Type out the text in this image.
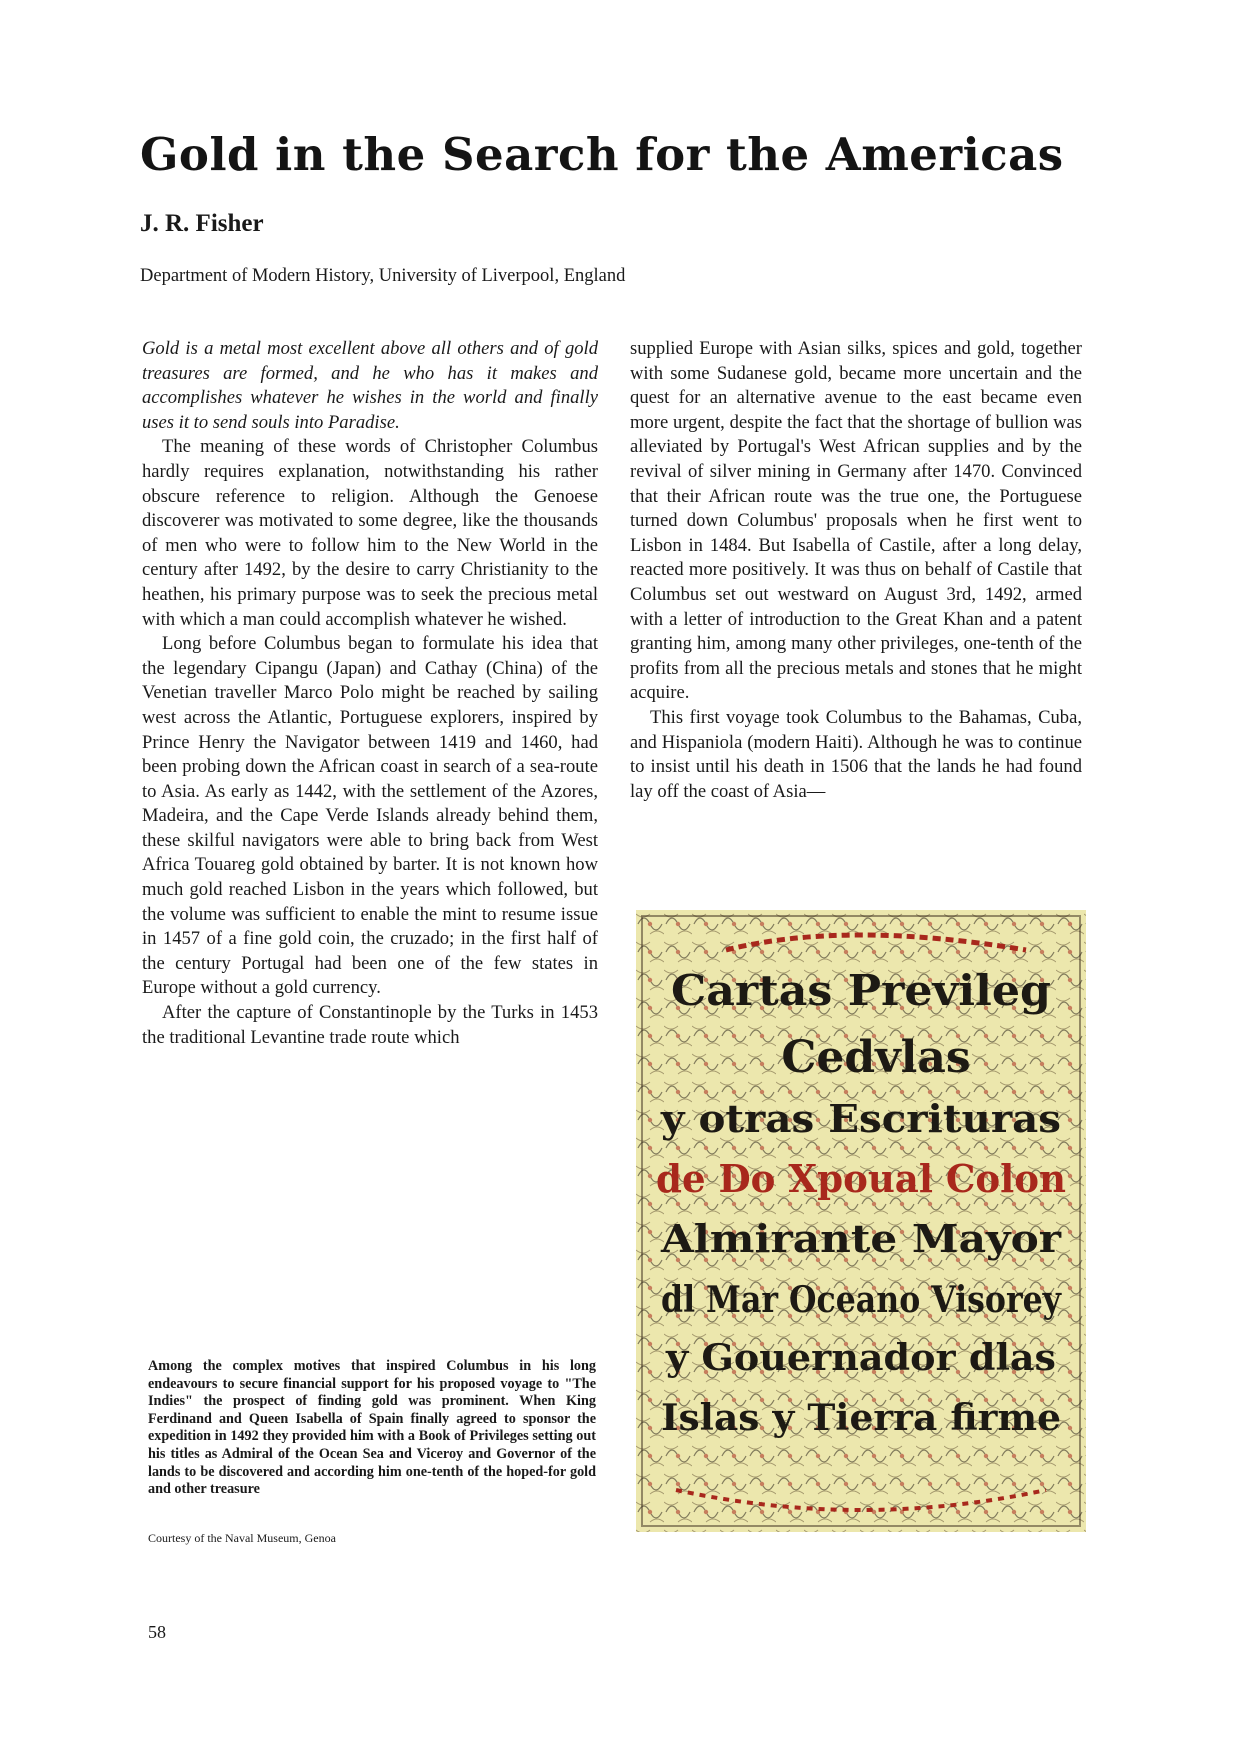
Gold in the Search for the Americas
J. R. Fisher

Department of Modern History, University of Liverpool, England

Gold is a metal most excellent above all others and of gold treasures are formed, and he who has it makes and accomplishes whatever he wishes in the world and finally uses it to send souls into Paradise.

The meaning of these words of Christopher Columbus hardly requires explanation, notwithstanding his rather obscure reference to religion. Although the Genoese discoverer was motivated to some degree, like the thousands of men who were to follow him to the New World in the century after 1492, by the desire to carry Christianity to the heathen, his primary purpose was to seek the precious metal with which a man could accomplish whatever he wished.

Long before Columbus began to formulate his idea that the legendary Cipangu (Japan) and Cathay (China) of the Venetian traveller Marco Polo might be reached by sailing west across the Atlantic, Portuguese explorers, inspired by Prince Henry the Navigator between 1419 and 1460, had been probing down the African coast in search of a sea-route to Asia. As early as 1442, with the settlement of the Azores, Madeira, and the Cape Verde Islands already behind them, these skilful navigators were able to bring back from West Africa Touareg gold obtained by barter. It is not known how much gold reached Lisbon in the years which followed, but the volume was sufficient to enable the mint to resume issue in 1457 of a fine gold coin, the cruzado; in the first half of the century Portugal had been one of the few states in Europe without a gold currency.

After the capture of Constantinople by the Turks in 1453 the traditional Levantine trade route which

supplied Europe with Asian silks, spices and gold, together with some Sudanese gold, became more uncertain and the quest for an alternative avenue to the east became even more urgent, despite the fact that the shortage of bullion was alleviated by Portugal's West African supplies and by the revival of silver mining in Germany after 1470. Convinced that their African route was the true one, the Portuguese turned down Columbus' proposals when he first went to Lisbon in 1484. But Isabella of Castile, after a long delay, reacted more positively. It was thus on behalf of Castile that Columbus set out westward on August 3rd, 1492, armed with a letter of introduction to the Great Khan and a patent granting him, among many other privileges, one-tenth of the profits from all the precious metals and stones that he might acquire.

This first voyage took Columbus to the Bahamas, Cuba, and Hispaniola (modern Haiti). Although he was to continue to insist until his death in 1506 that the lands he had found lay off the coast of Asia—

Cartas Previleg
Cedvlas
y otras Escrituras
de Do Xpoual Colon
Almirante Mayor
dl Mar Oceano Visorey
y Gouernador dlas
Islas y Tierra firme

Among the complex motives that inspired Columbus in his long endeavours to secure financial support for his proposed voyage to "The Indies" the prospect of finding gold was prominent. When King Ferdinand and Queen Isabella of Spain finally agreed to sponsor the expedition in 1492 they provided him with a Book of Privileges setting out his titles as Admiral of the Ocean Sea and Viceroy and Governor of the lands to be discovered and according him one-tenth of the hoped-for gold and other treasure

Courtesy of the Naval Museum, Genoa

58
